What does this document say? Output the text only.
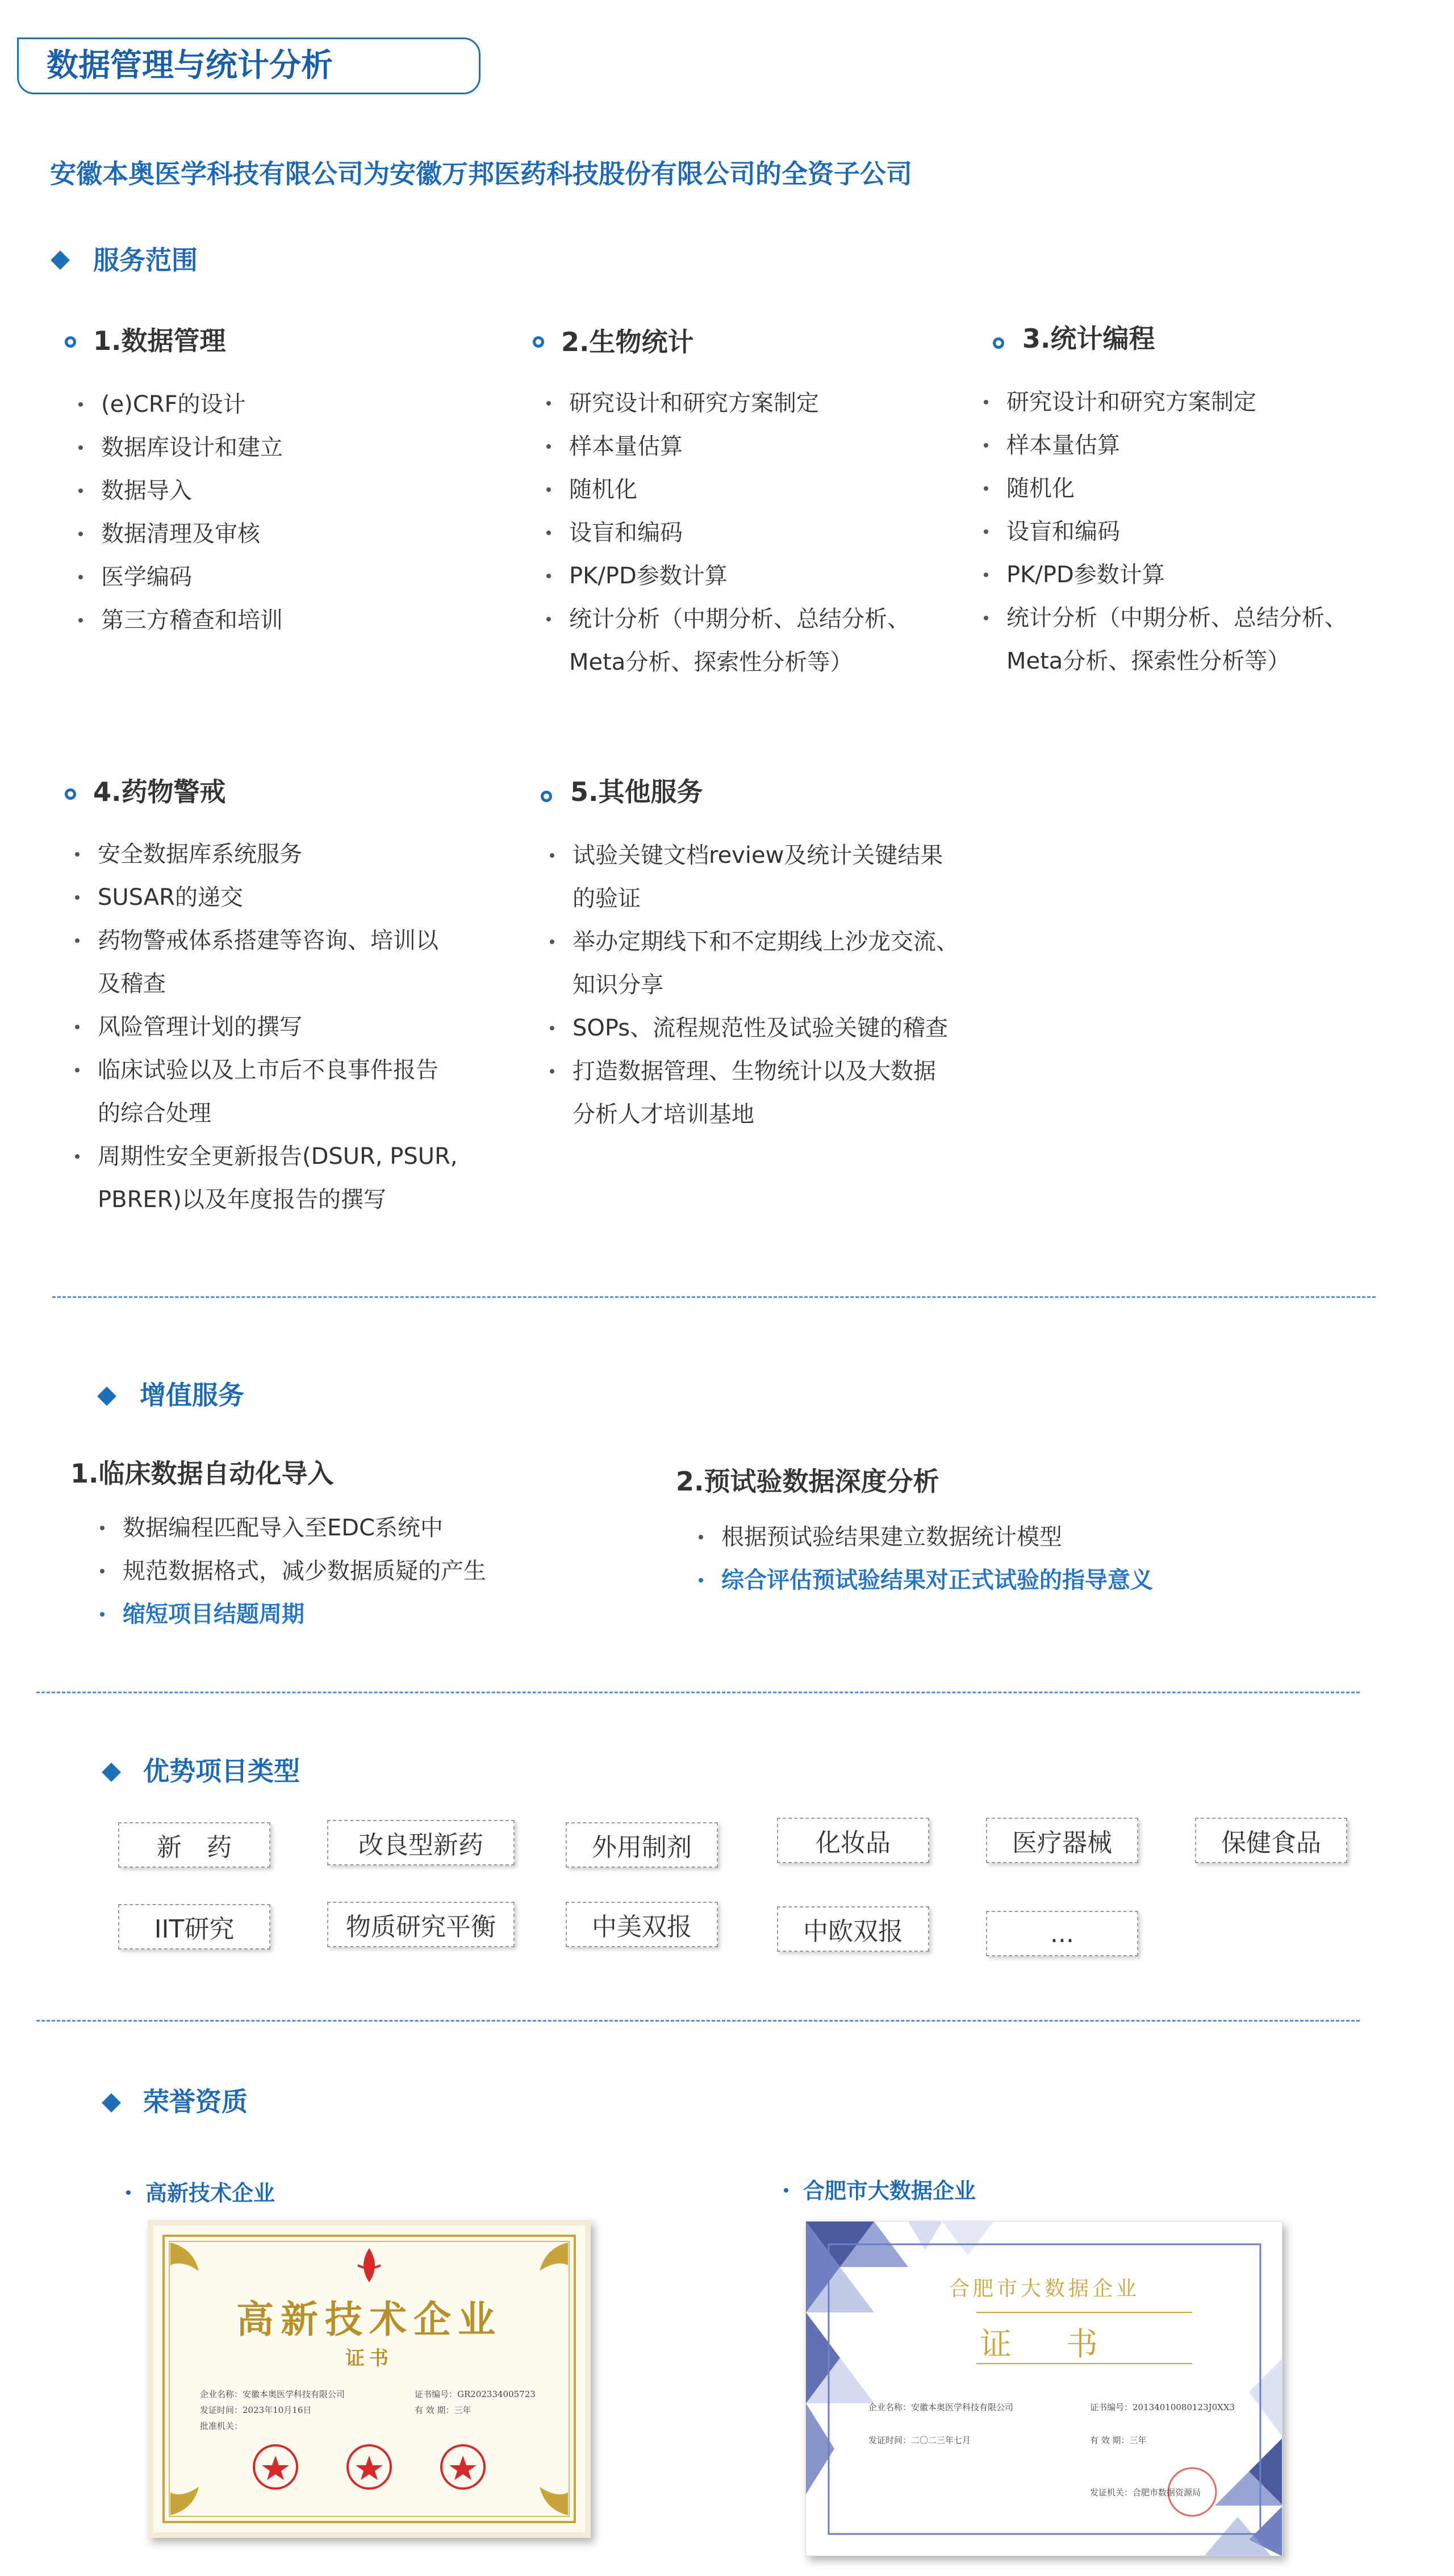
数据管理与统计分析
安徽本奥医学科技有限公司为安徽万邦医药科技股份有限公司的全资子公司
服务范围
1.数据管理
(e)CRF的设计
数据库设计和建立
数据导入
数据清理及审核
医学编码
第三方稽查和培训
2.生物统计
研究设计和研究方案制定
样本量估算
随机化
设盲和编码
PK/PD参数计算
统计分析（中期分析、总结分析、
Meta分析、探索性分析等）
3.统计编程
研究设计和研究方案制定
样本量估算
随机化
设盲和编码
PK/PD参数计算
统计分析（中期分析、总结分析、
Meta分析、探索性分析等）
4.药物警戒
安全数据库系统服务
SUSAR的递交
药物警戒体系搭建等咨询、培训以
及稽查
风险管理计划的撰写
临床试验以及上市后不良事件报告
的综合处理
周期性安全更新报告(DSUR, PSUR,
PBRER)以及年度报告的撰写
5.其他服务
试验关键文档review及统计关键结果
的验证
举办定期线下和不定期线上沙龙交流、
知识分享
SOPs、流程规范性及试验关键的稽查
打造数据管理、生物统计以及大数据
分析人才培训基地
增值服务
1.临床数据自动化导入
数据编程匹配导入至EDC系统中
规范数据格式，减少数据质疑的产生
缩短项目结题周期
2.预试验数据深度分析
根据预试验结果建立数据统计模型
综合评估预试验结果对正式试验的指导意义
优势项目类型
新　药	改良型新药	外用制剂	化妆品	医疗器械	保健食品
IIT研究	物质研究平衡	中美双报	中欧双报	...
荣誉资质
高新技术企业	合肥市大数据企业
高新技术企业
证书
企业名称：安徽本奥医学科技有限公司	证书编号：GR202334005723
发证时间：2023年10月16日	有 效 期：三年
批准机关：
合肥市大数据企业
证　书
企业名称：安徽本奥医学科技有限公司	证书编号：20134010080123J0XX3
发证时间：二〇二三年七月	有 效 期：三年
发证机关：合肥市数据资源局
